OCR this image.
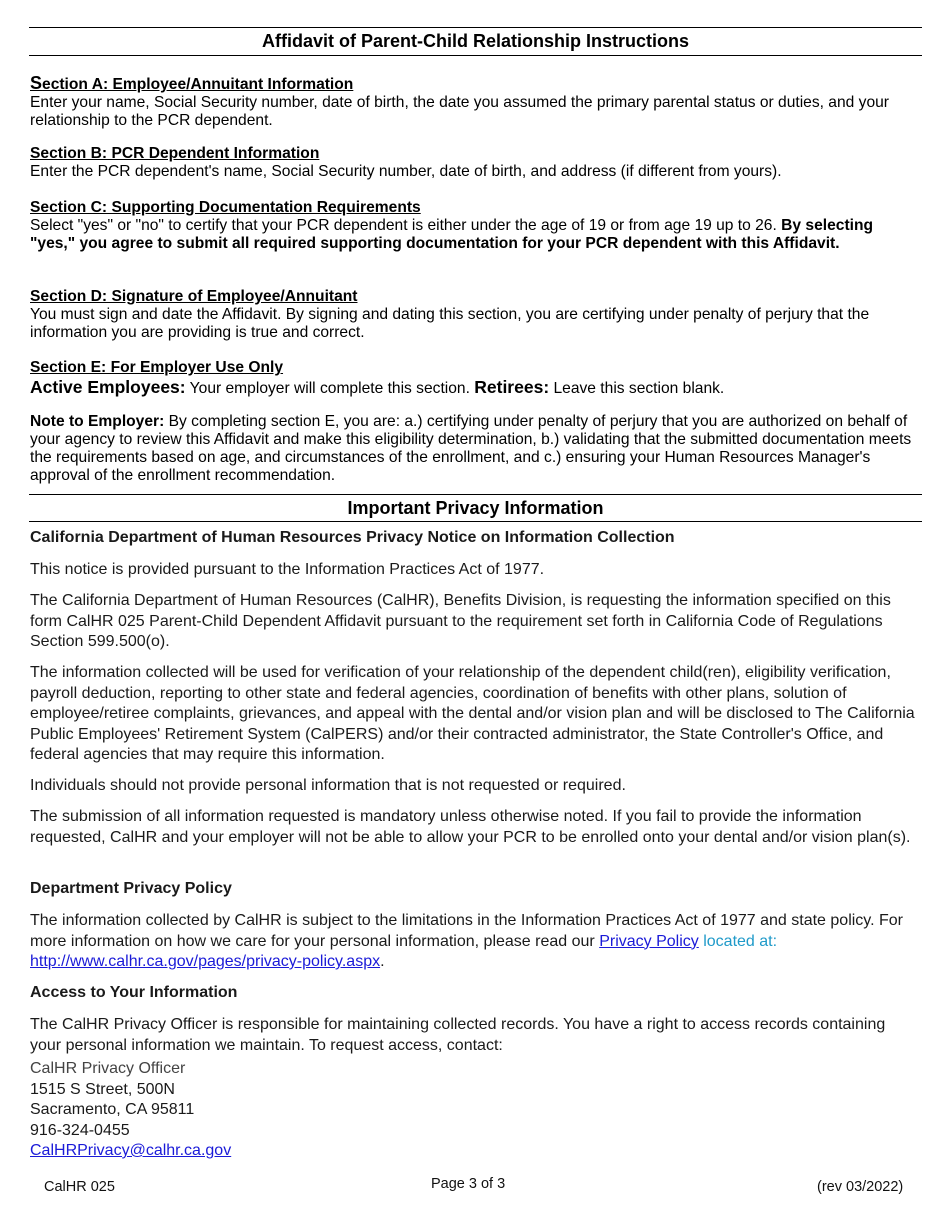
Affidavit of Parent-Child Relationship Instructions
Section A: Employee/Annuitant Information
Enter your name, Social Security number, date of birth, the date you assumed the primary parental status or duties, and your relationship to the PCR dependent.
Section B: PCR Dependent Information
Enter the PCR dependent's name, Social Security number, date of birth, and address (if different from yours).
Section C: Supporting Documentation Requirements
Select "yes" or "no" to certify that your PCR dependent is either under the age of 19 or from age 19 up to 26. By selecting "yes," you agree to submit all required supporting documentation for your PCR dependent with this Affidavit.
Section D: Signature of Employee/Annuitant
You must sign and date the Affidavit. By signing and dating this section, you are certifying under penalty of perjury that the information you are providing is true and correct.
Section E: For Employer Use Only
Active Employees: Your employer will complete this section. Retirees: Leave this section blank.
Note to Employer: By completing section E, you are: a.) certifying under penalty of perjury that you are authorized on behalf of your agency to review this Affidavit and make this eligibility determination, b.) validating that the submitted documentation meets the requirements based on age, and circumstances of the enrollment, and c.) ensuring your Human Resources Manager's approval of the enrollment recommendation.
Important Privacy Information
California Department of Human Resources Privacy Notice on Information Collection
This notice is provided pursuant to the Information Practices Act of 1977.
The California Department of Human Resources (CalHR), Benefits Division, is requesting the information specified on this form CalHR 025 Parent-Child Dependent Affidavit pursuant to the requirement set forth in California Code of Regulations Section 599.500(o).
The information collected will be used for verification of your relationship of the dependent child(ren), eligibility verification, payroll deduction, reporting to other state and federal agencies, coordination of benefits with other plans, solution of employee/retiree complaints, grievances, and appeal with the dental and/or vision plan and will be disclosed to The California Public Employees' Retirement System (CalPERS) and/or their contracted administrator, the State Controller's Office, and federal agencies that may require this information.
Individuals should not provide personal information that is not requested or required.
The submission of all information requested is mandatory unless otherwise noted. If you fail to provide the information requested, CalHR and your employer will not be able to allow your PCR to be enrolled onto your dental and/or vision plan(s).
Department Privacy Policy
The information collected by CalHR is subject to the limitations in the Information Practices Act of 1977 and state policy. For more information on how we care for your personal information, please read our Privacy Policy located at: http://www.calhr.ca.gov/pages/privacy-policy.aspx.
Access to Your Information
The CalHR Privacy Officer is responsible for maintaining collected records. You have a right to access records containing your personal information we maintain. To request access, contact:
CalHR Privacy Officer
1515 S Street, 500N
Sacramento, CA 95811
916-324-0455
CalHRPrivacy@calhr.ca.gov
CalHR 025	Page 3 of 3	(rev 03/2022)
